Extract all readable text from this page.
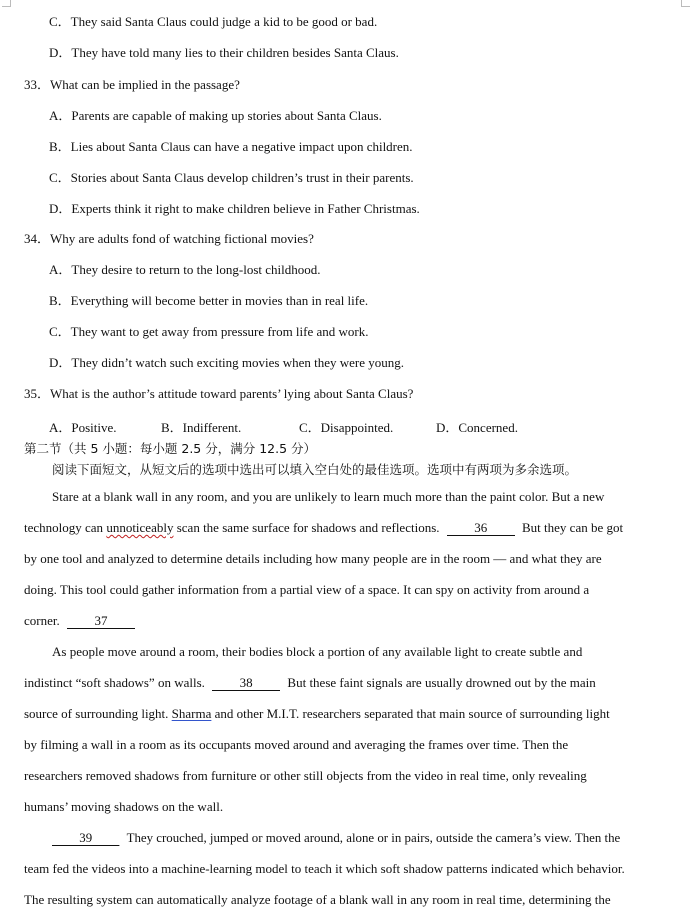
C．They said Santa Claus could judge a kid to be good or bad.
D．They have told many lies to their children besides Santa Claus.
33．What can be implied in the passage?
A．Parents are capable of making up stories about Santa Claus.
B．Lies about Santa Claus can have a negative impact upon children.
C．Stories about Santa Claus develop children’s trust in their parents.
D．Experts think it right to make children believe in Father Christmas.
34．Why are adults fond of watching fictional movies?
A．They desire to return to the long-lost childhood.
B．Everything will become better in movies than in real life.
C．They want to get away from pressure from life and work.
D．They didn’t watch such exciting movies when they were young.
35．What is the author’s attitude toward parents’ lying about Santa Claus?
A．Positive.	B．Indifferent.	C．Disappointed.	D．Concerned.
第二节（共 5 小题：每小题 2.5 分，满分 12.5 分）
阅读下面短文，从短文后的选项中选出可以填入空白处的最佳选项。选项中有两项为多余选项。
Stare at a blank wall in any room, and you are unlikely to learn much more than the paint color. But a new
technology can unnoticeably scan the same surface for shadows and reflections.	36	But they can be got
by one tool and analyzed to determine details including how many people are in the room — and what they are
doing. This tool could gather information from a partial view of a space. It can spy on activity from around a
corner.	37
As people move around a room, their bodies block a portion of any available light to create subtle and
indistinct “soft shadows” on walls.	38	But these faint signals are usually drowned out by the main
source of surrounding light. Sharma and other M.I.T. researchers separated that main source of surrounding light
by filming a wall in a room as its occupants moved around and averaging the frames over time. Then the
researchers removed shadows from furniture or other still objects from the video in real time, only revealing
humans’ moving shadows on the wall.
39	They crouched, jumped or moved around, alone or in pairs, outside the camera’s view. Then the
team fed the videos into a machine-learning model to teach it which soft shadow patterns indicated which behavior.
The resulting system can automatically analyze footage of a blank wall in any room in real time, determining the
